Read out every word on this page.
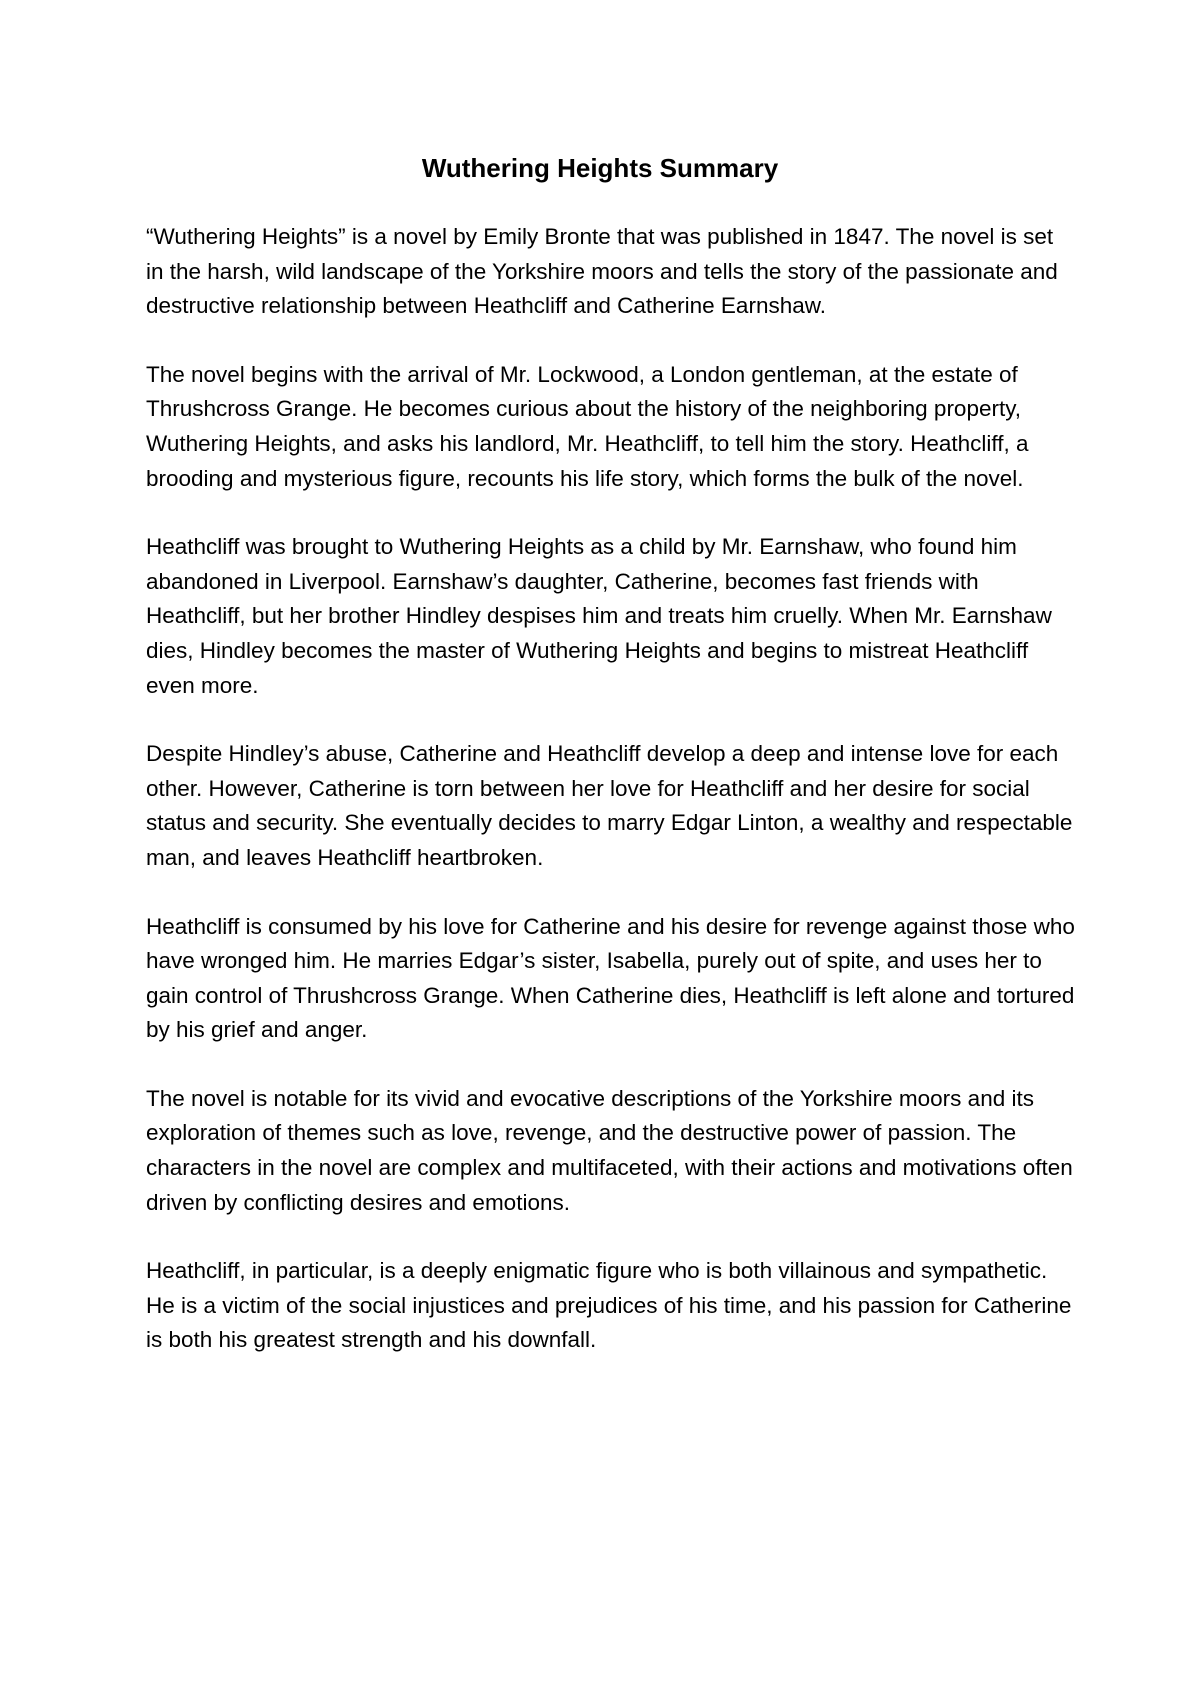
Wuthering Heights Summary

“Wuthering Heights” is a novel by Emily Bronte that was published in 1847. The novel is set in the harsh, wild landscape of the Yorkshire moors and tells the story of the passionate and destructive relationship between Heathcliff and Catherine Earnshaw.

The novel begins with the arrival of Mr. Lockwood, a London gentleman, at the estate of Thrushcross Grange. He becomes curious about the history of the neighboring property, Wuthering Heights, and asks his landlord, Mr. Heathcliff, to tell him the story. Heathcliff, a brooding and mysterious figure, recounts his life story, which forms the bulk of the novel.

Heathcliff was brought to Wuthering Heights as a child by Mr. Earnshaw, who found him abandoned in Liverpool. Earnshaw’s daughter, Catherine, becomes fast friends with Heathcliff, but her brother Hindley despises him and treats him cruelly. When Mr. Earnshaw dies, Hindley becomes the master of Wuthering Heights and begins to mistreat Heathcliff even more.

Despite Hindley’s abuse, Catherine and Heathcliff develop a deep and intense love for each other. However, Catherine is torn between her love for Heathcliff and her desire for social status and security. She eventually decides to marry Edgar Linton, a wealthy and respectable man, and leaves Heathcliff heartbroken.

Heathcliff is consumed by his love for Catherine and his desire for revenge against those who have wronged him. He marries Edgar’s sister, Isabella, purely out of spite, and uses her to gain control of Thrushcross Grange. When Catherine dies, Heathcliff is left alone and tortured by his grief and anger.

The novel is notable for its vivid and evocative descriptions of the Yorkshire moors and its exploration of themes such as love, revenge, and the destructive power of passion. The characters in the novel are complex and multifaceted, with their actions and motivations often driven by conflicting desires and emotions.

Heathcliff, in particular, is a deeply enigmatic figure who is both villainous and sympathetic. He is a victim of the social injustices and prejudices of his time, and his passion for Catherine is both his greatest strength and his downfall.
